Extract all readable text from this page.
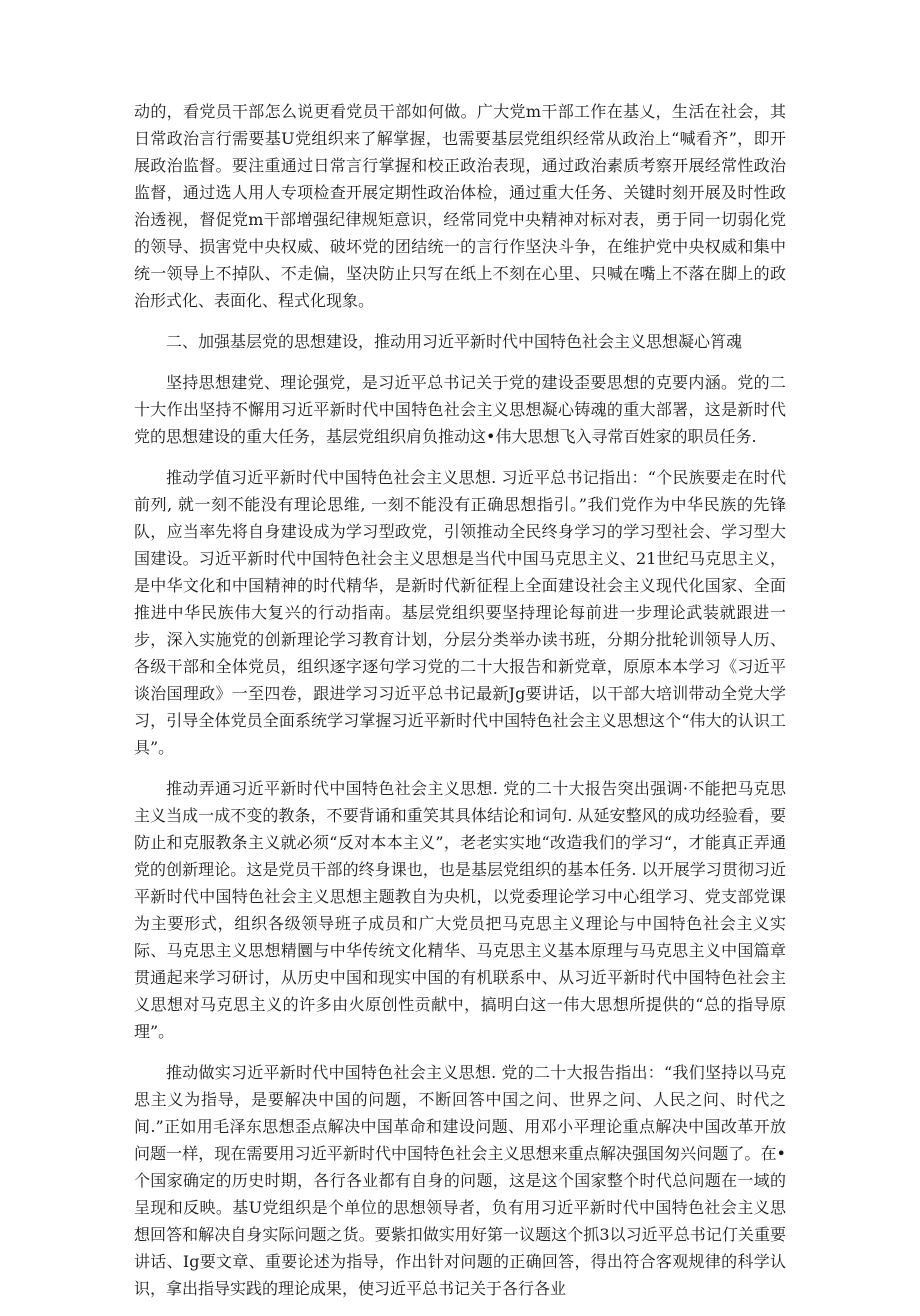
动的，看党员干部怎么说更看党员干部如何做。广大党m干部工作在基乂，生活在社会，其日常政治言行需要基U党组织来了解掌握，也需要基层党组织经常从政治上“喊看齐”，即开展政治监督。要注重通过日常言行掌握和校正政治表现，通过政治素质考察开展经常性政治监督，通过选人用人专项检查开展定期性政治体检，通过重大任务、关键时刻开展及时性政治透视，督促党m干部增强纪律规矩意识，经常同党中央精神对标对表，勇于同一切弱化党的领导、损害党中央权威、破坏党的团结统一的言行作坚決斗争，在维护党中央权威和集中统一领导上不掉队、不走偏，坚决防止只写在纸上不刻在心里、只喊在嘴上不落在脚上的政治形式化、表面化、程式化现象。

二、加强基层党的思想建设，推动用习近平新时代中国特色社会主义思想凝心筲魂

坚持思想建党、理论强党，是习近平总书记关于党的建设歪要思想的克要内涵。党的二十大作出坚持不懈用习近平新时代中国特色社会主义思想凝心铸魂的重大部署，这是新时代党的思想建设的重大任务，基层党组织肩负推动这•伟大思想飞入寻常百姓家的职员任务.

推动学值习近平新时代中国特色社会主义思想. 习近平总书记指出：“个民族要走在时代前列, 就一刻不能没有理论思维, 一刻不能没有正确思想指引。”我们党作为中华民族的先锋队，应当率先将自身建设成为学习型政党，引领推动全民终身学习的学习型社会、学习型大国建设。习近平新时代中国特色社会主义思想是当代中国马克思主义、21世纪马克思主义，是中华文化和中国精神的时代精华，是新时代新征程上全面建设社会主义现代化国家、全面推进中华民族伟大复兴的行动指南。基层党组织要坚持理论每前进一步理论武装就跟进一步，深入实施党的创新理论学习教育计划，分层分类举办读书班，分期分批轮训领导人历、各级干部和全体党员，组织逐字逐句学习党的二十大报告和新党章，原原本本学习《习近平谈治国理政》一至四卷，跟进学习习近平总书记最新Jg要讲话，以干部大培训带动全党大学习，引导全体党员全面系统学习掌握习近平新时代中国特色社会主义思想这个“伟大的认识工具”。

推动弄通习近平新时代中国特色社会主义思想. 党的二十大报告突出强调·不能把马克思主义当成一成不变的教条，不要背诵和重笑其具体结论和词句. 从延安整风的成功经验看，要防止和克服教条主义就必须“反对本本主义”，老老实实地“改造我们的学习“，才能真正弄通党的创新理论。这是党员干部的终身课也，也是基层党组织的基本任务. 以开展学习贯彻习近平新时代中国特色社会主义思想主题教自为央机，以党委理论学习中心组学习、党支部党课为主要形式，组织各级领导班子成员和广大党员把马克思主义理论与中国特色社会主义实际、马克思主义思想精圜与中华传统文化精华、马克思主义基本原理与马克思主义中国篇章贯通起来学习研讨，从历史中国和现实中国的有机联系中、从习近平新时代中国特色社会主义思想对马克思主义的许多由火原创性贡献中，搞明白这一伟大思想所提供的“总的指导原理”。

推动做实习近平新时代中国特色社会主义思想. 党的二十大报告指出：“我们坚持以马克思主义为指导，是要解决中国的问题，不断回答中国之问、世界之问、人民之问、时代之间.”正如用毛泽东思想歪点解决中国革命和建设问题、用邓小平理论重点解决中国改革开放问题一样，现在需要用习近平新时代中国特色社会主义思想来重点解决强国匆兴问题了。在•个国家确定的历史时期，各行各业都有自身的问题，这是这个国家整个时代总问题在一域的呈现和反映。基U党组织是个单位的思想领导者，负有用习近平新时代中国特色社会主义思想回答和解决自身实际问题之货。要紫扣做实用好第一议题这个抓3以习近平总书记仃关重要讲话、Ig要文章、重要论述为指导，作出针对问题的正确回答，得出符合客观规律的科学认识，拿出指导实践的理论成果，使习近平总书记关于各行各业
